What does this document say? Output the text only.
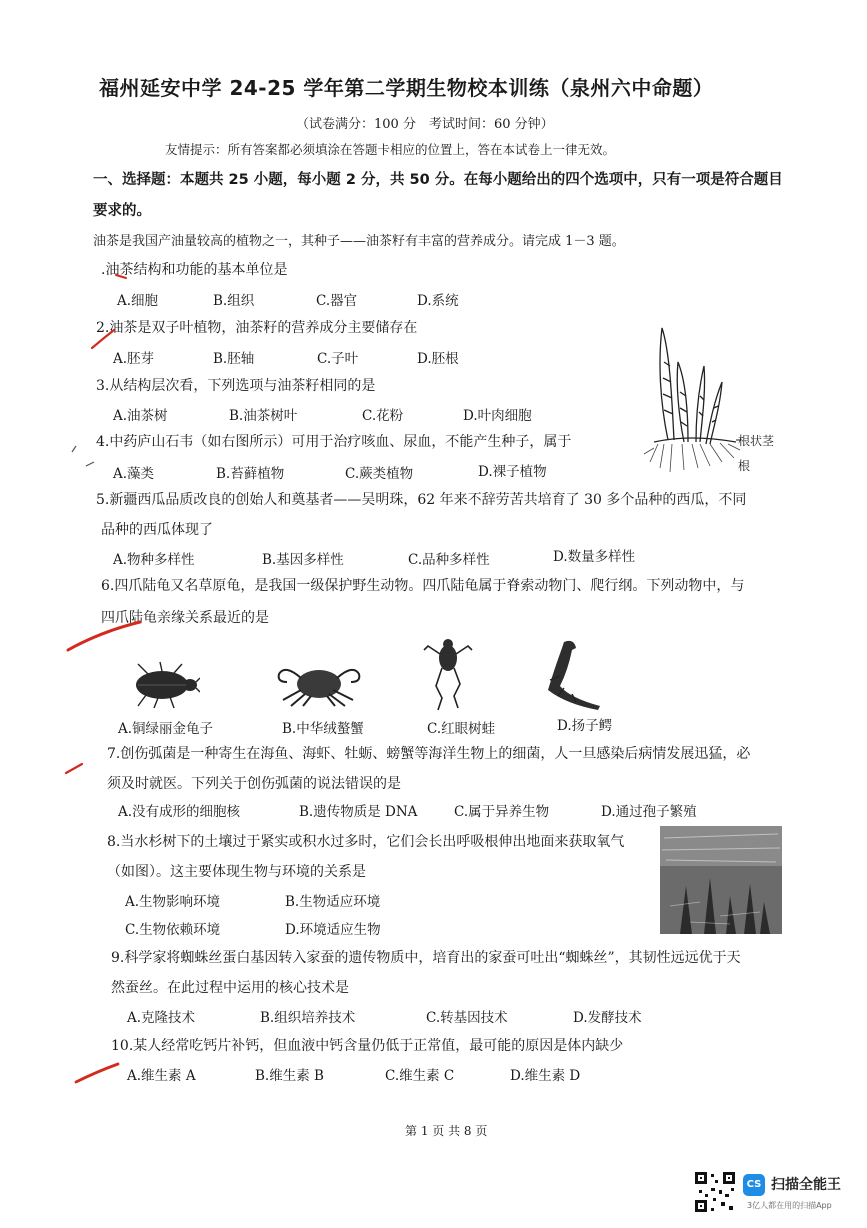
福州延安中学 24-25 学年第二学期生物校本训练（泉州六中命题）
（试卷满分：100 分　考试时间：60 分钟）
友情提示：所有答案都必须填涂在答题卡相应的位置上，答在本试卷上一律无效。
一、选择题：本题共 25 小题，每小题 2 分，共 50 分。在每小题给出的四个选项中，只有一项是符合题目
要求的。
油茶是我国产油量较高的植物之一，其种子——油茶籽有丰富的营养成分。请完成 1－3 题。
.油茶结构和功能的基本单位是
A.细胞	B.组织	C.器官	D.系统
2.油茶是双子叶植物，油茶籽的营养成分主要储存在
A.胚芽	B.胚轴	C.子叶	D.胚根
3.从结构层次看，下列选项与油茶籽相同的是
A.油茶树	B.油茶树叶	C.花粉	D.叶肉细胞
4.中药庐山石韦（如右图所示）可用于治疗咳血、尿血，不能产生种子，属于
A.藻类	B.苔藓植物	C.蕨类植物	D.裸子植物
根状茎
根
5.新疆西瓜品质改良的创始人和奠基者——吴明珠，62 年来不辞劳苦共培育了 30 多个品种的西瓜，不同
品种的西瓜体现了
A.物种多样性	B.基因多样性	C.品种多样性	D.数量多样性
6.四爪陆龟又名草原龟，是我国一级保护野生动物。四爪陆龟属于脊索动物门、爬行纲。下列动物中，与
四爪陆龟亲缘关系最近的是
A.铜绿丽金龟子	B.中华绒螯蟹	C.红眼树蛙	D.扬子鳄
7.创伤弧菌是一种寄生在海鱼、海虾、牡蛎、螃蟹等海洋生物上的细菌，人一旦感染后病情发展迅猛，必
须及时就医。下列关于创伤弧菌的说法错误的是
A.没有成形的细胞核	B.遗传物质是 DNA	C.属于异养生物	D.通过孢子繁殖
8.当水杉树下的土壤过于紧实或积水过多时，它们会长出呼吸根伸出地面来获取氧气
（如图）。这主要体现生物与环境的关系是
A.生物影响环境	B.生物适应环境
C.生物依赖环境	D.环境适应生物
9.科学家将蜘蛛丝蛋白基因转入家蚕的遗传物质中，培育出的家蚕可吐出“蜘蛛丝”，其韧性远远优于天
然蚕丝。在此过程中运用的核心技术是
A.克隆技术	B.组织培养技术	C.转基因技术	D.发酵技术
10.某人经常吃钙片补钙，但血液中钙含量仍低于正常值，最可能的原因是体内缺少
A.维生素 A	B.维生素 B	C.维生素 C	D.维生素 D
第 1 页 共 8 页
CS 扫描全能王
3亿人都在用的扫描App
